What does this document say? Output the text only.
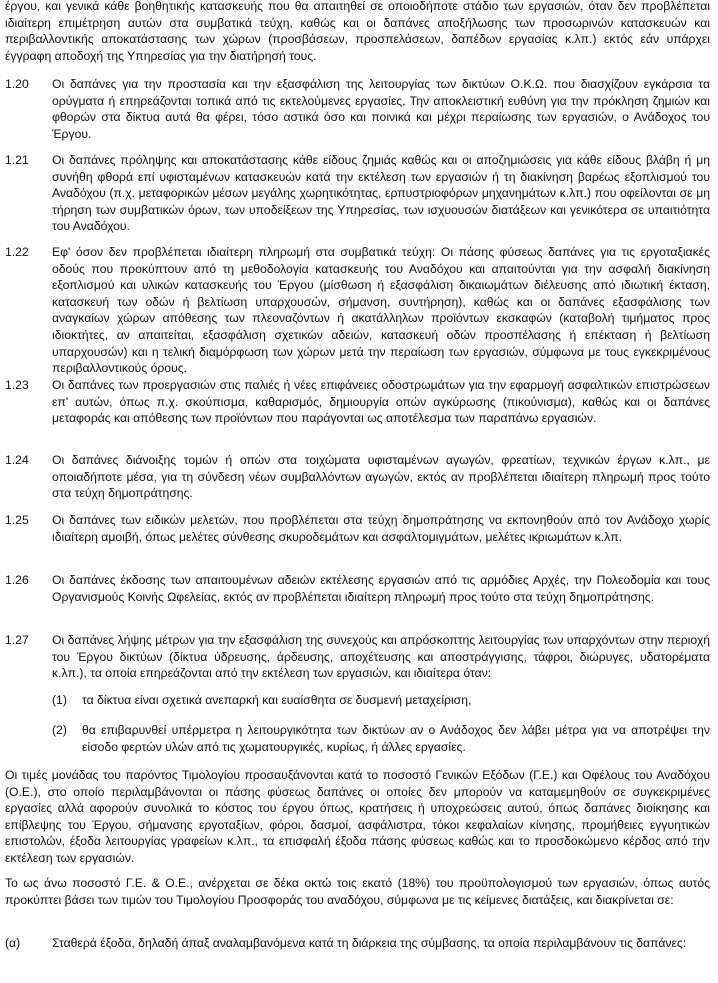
έργου, και γενικά κάθε βοηθητικής κατασκευής που θα απαιτηθεί σε οποιοδήποτε στάδιο των εργασιών, όταν δεν προβλέπεται ιδιαίτερη επιμέτρηση αυτών στα συμβατικά τεύχη, καθώς και οι δαπάνες αποξήλωσης των προσωρινών κατασκευών και περιβαλλοντικής αποκατάστασης των χώρων (προσβάσεων, προσπελάσεων, δαπέδων εργασίας κ.λπ.) εκτός εάν υπάρχει έγγραφη αποδοχή της Υπηρεσίας για την διατήρησή τους.
1.20 Οι δαπάνες για την προστασία και την εξασφάλιση της λειτουργίας των δικτύων Ο.Κ.Ω. που διασχίζουν εγκάρσια τα ορύγματα ή επηρεάζονται τοπικά από τις εκτελούμενες εργασίες, Την αποκλειστική ευθύνη για την πρόκληση ζημιών και φθορών στα δίκτυα αυτά θα φέρει, τόσο αστικά όσο και ποινικά και μέχρι περαίωσης των εργασιών, ο Ανάδοχος του Έργου.
1.21 Οι δαπάνες πρόληψης και αποκατάστασης κάθε είδους ζημιάς καθώς και οι αποζημιώσεις για κάθε είδους βλάβη ή μη συνήθη φθορά επί υφισταμένων κατασκευών κατά την εκτέλεση των εργασιών ή τη διακίνηση βαρέως εξοπλισμού του Αναδόχου (π.χ. μεταφορικών μέσων μεγάλης χωρητικότητας, ερπυστριοφόρων μηχανημάτων κ.λπ.) που οφείλονται σε μη τήρηση των συμβατικών όρων, των υποδείξεων της Υπηρεσίας, των ισχυουσών διατάξεων και γενικότερα σε υπαιτιότητα του Αναδόχου.
1.22 Εφ' όσον δεν προβλέπεται ιδιαίτερη πληρωμή στα συμβατικά τεύχη: Οι πάσης φύσεως δαπάνες για τις εργοταξιακές οδούς που προκύπτουν από τη μεθοδολογία κατασκευής του Αναδόχου και απαιτούνται για την ασφαλή διακίνηση εξοπλισμού και υλικών κατασκευής του Έργου (μίσθωση ή εξασφάλιση δικαιωμάτων διέλευσης από ιδιωτική έκταση, κατασκευή των οδών ή βελτίωση υπαρχουσών, σήμανση, συντήρηση), καθώς και οι δαπάνες εξασφάλισης των αναγκαίων χώρων απόθεσης των πλεοναζόντων ή ακατάλληλων προϊόντων εκσκαφών (καταβολή τιμήματος προς ιδιοκτήτες, αν απαιτείται, εξασφάλιση σχετικών αδειών, κατασκευή οδών προσπέλασης ή επέκταση ή βελτίωση υπαρχουσών) και η τελική διαμόρφωση των χώρων μετά την περαίωση των εργασιών, σύμφωνα με τους εγκεκριμένους περιβαλλοντικούς όρους.
1.23 Οι δαπάνες των προεργασιών στις παλιές ή νέες επιφάνειες οδοστρωμάτων για την εφαρμογή ασφαλτικών επιστρώσεων επ' αυτών, όπως π.χ. σκούπισμα, καθαρισμός, δημιουργία οπών αγκύρωσης (πικούνισμα), καθώς και οι δαπάνες μεταφοράς και απόθεσης των προϊόντων που παράγονται ως αποτέλεσμα των παραπάνω εργασιών.
1.24 Οι δαπάνες διάνοιξης τομών ή οπών στα τοιχώματα υφισταμένων αγωγών, φρεατίων, τεχνικών έργων κ.λπ., με οποιαδήποτε μέσα, για τη σύνδεση νέων συμβαλλόντων αγωγών, εκτός αν προβλέπεται ιδιαίτερη πληρωμή προς τούτο στα τεύχη δημοπράτησης.
1.25 Οι δαπάνες των ειδικών μελετών, που προβλέπεται στα τεύχη δημοπράτησης να εκπονηθούν από τον Ανάδοχο χωρίς ιδιαίτερη αμοιβή, όπως μελέτες σύνθεσης σκυροδεμάτων και ασφαλτομιγμάτων, μελέτες ικριωμάτων κ.λπ.
1.26 Οι δαπάνες έκδοσης των απαιτουμένων αδειών εκτέλεσης εργασιών από τις αρμόδιες Αρχές, την Πολεοδομία και τους Οργανισμούς Κοινής Ωφελείας, εκτός αν προβλέπεται ιδιαίτερη πληρωμή προς τούτο στα τεύχη δημοπράτησης.
1.27 Οι δαπάνες λήψης μέτρων για την εξασφάλιση της συνεχούς και απρόσκοπτης λειτουργίας των υπαρχόντων στην περιοχή του Έργου δικτύων (δίκτυα ύδρευσης, άρδευσης, αποχέτευσης και αποστράγγισης, τάφροι, διώρυγες, υδατορέματα κ.λπ.), τα οποία επηρεάζονται από την εκτέλεση των εργασιών, και ιδιαίτερα όταν:
(1) τα δίκτυα είναι σχετικά ανεπαρκή και ευαίσθητα σε δυσμενή μεταχείριση,
(2) θα επιβαρυνθεί υπέρμετρα η λειτουργικότητα των δικτύων αν ο Ανάδοχος δεν λάβει μέτρα για να αποτρέψει την είσοδο φερτών υλών από τις χωματουργικές, κυρίως, ή άλλες εργασίες.
Οι τιμές μονάδας του παρόντος Τιμολογίου προσαυξάνονται κατά το ποσοστό Γενικών Εξόδων (Γ.Ε.) και Οφέλους του Αναδόχου (Ο.Ε.), στο οποίο περιλαμβάνονται οι πάσης φύσεως δαπάνες οι οποίες δεν μπορούν να καταμεμηθούν σε συγκεκριμένες εργασίες αλλά αφορούν συνολικά το κόστος του έργου όπως, κρατήσεις ή υποχρεώσεις αυτού, όπως δαπάνες διοίκησης και επίβλεψης του Έργου, σήμανσης εργοταξίων, φόροι, δασμοί, ασφάλιστρα, τόκοι κεφαλαίων κίνησης, προμήθειες εγγυητικών επιστολών, έξοδα λειτουργίας γραφείων κ.λπ., τα επισφαλή έξοδα πάσης φύσεως καθώς και το προσδοκώμενο κέρδος από την εκτέλεση των εργασιών.
Το ως άνω ποσοστό Γ.Ε. & Ο.Ε., ανέρχεται σε δέκα οκτώ τοις εκατό (18%) του προϋπολογισμού των εργασιών, όπως αυτός προκύπτει βάσει των τιμών του Τιμολογίου Προσφοράς του αναδόχου, σύμφωνα με τις κείμενες διατάξεις, και διακρίνεται σε:
(α)	Σταθερά έξοδα, δηλαδή άπαξ αναλαμβανόμενα κατά τη διάρκεια της σύμβασης, τα οποία περιλαμβάνουν τις δαπάνες:
